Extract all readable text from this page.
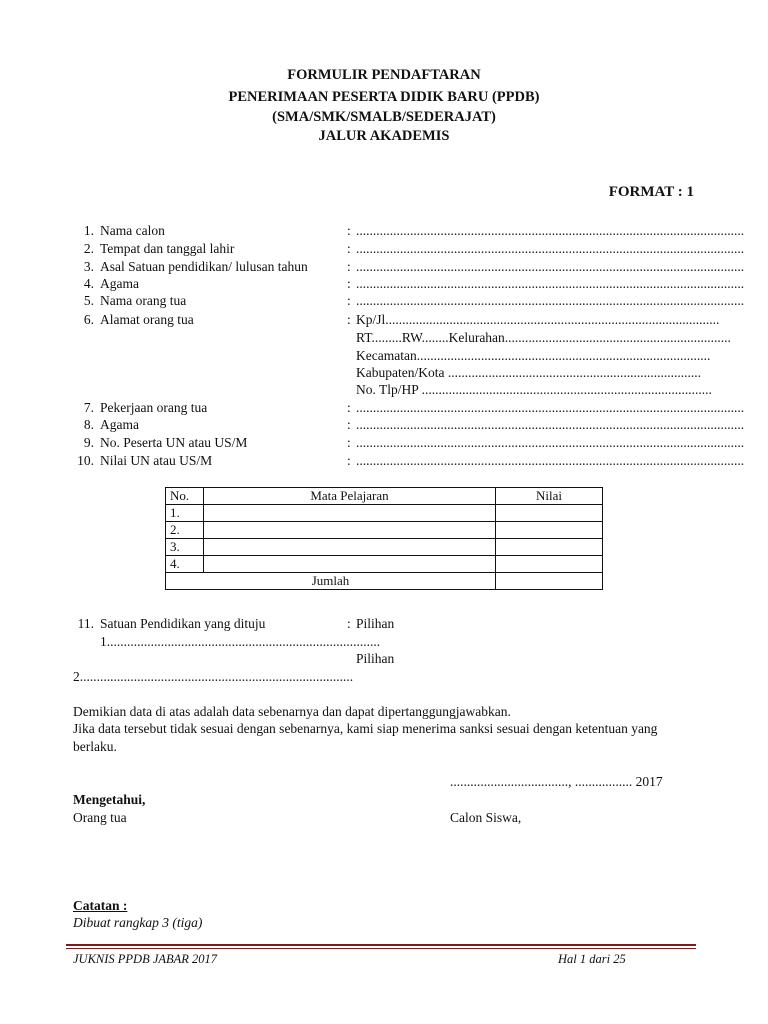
FORMULIR PENDAFTARAN
PENERIMAAN PESERTA DIDIK BARU (PPDB)
(SMA/SMK/SMALB/SEDERAJAT)
JALUR AKADEMIS
FORMAT : 1
1. Nama calon	: ...................................................................................................................
2. Tempat dan tanggal lahir	: ...................................................................................................................
3. Asal Satuan pendidikan/ lulusan tahun	: ...................................................................................................................
4. Agama	: ...................................................................................................................
5. Nama orang tua	: ...................................................................................................................
6. Alamat orang tua	: Kp/Jl...................................................................................................
RT.........RW........Kelurahan...................................................................
Kecamatan.......................................................................................
Kabupaten/Kota ...........................................................................
No. Tlp/HP ......................................................................................
7. Pekerjaan orang tua	: ...................................................................................................................
8. Agama	: ...................................................................................................................
9. No. Peserta UN atau US/M	: ...................................................................................................................
10. Nilai UN atau US/M	: ...................................................................................................................
No.	Mata Pelajaran	Nilai
1.		
2.		
3.		
4.		
Jumlah		
11. Satuan Pendidikan yang dituju	: Pilihan
1.................................................................................
Pilihan
2.................................................................................
Demikian data di atas adalah data sebenarnya dan dapat dipertanggungjawabkan.
Jika data tersebut tidak sesuai dengan sebenarnya, kami siap menerima sanksi sesuai dengan ketentuan yang
berlaku.
..................................., ................. 2017
Mengetahui,
Orang tua	Calon Siswa,
Catatan :
Dibuat rangkap 3 (tiga)
JUKNIS PPDB JABAR 2017	Hal 1 dari 25
